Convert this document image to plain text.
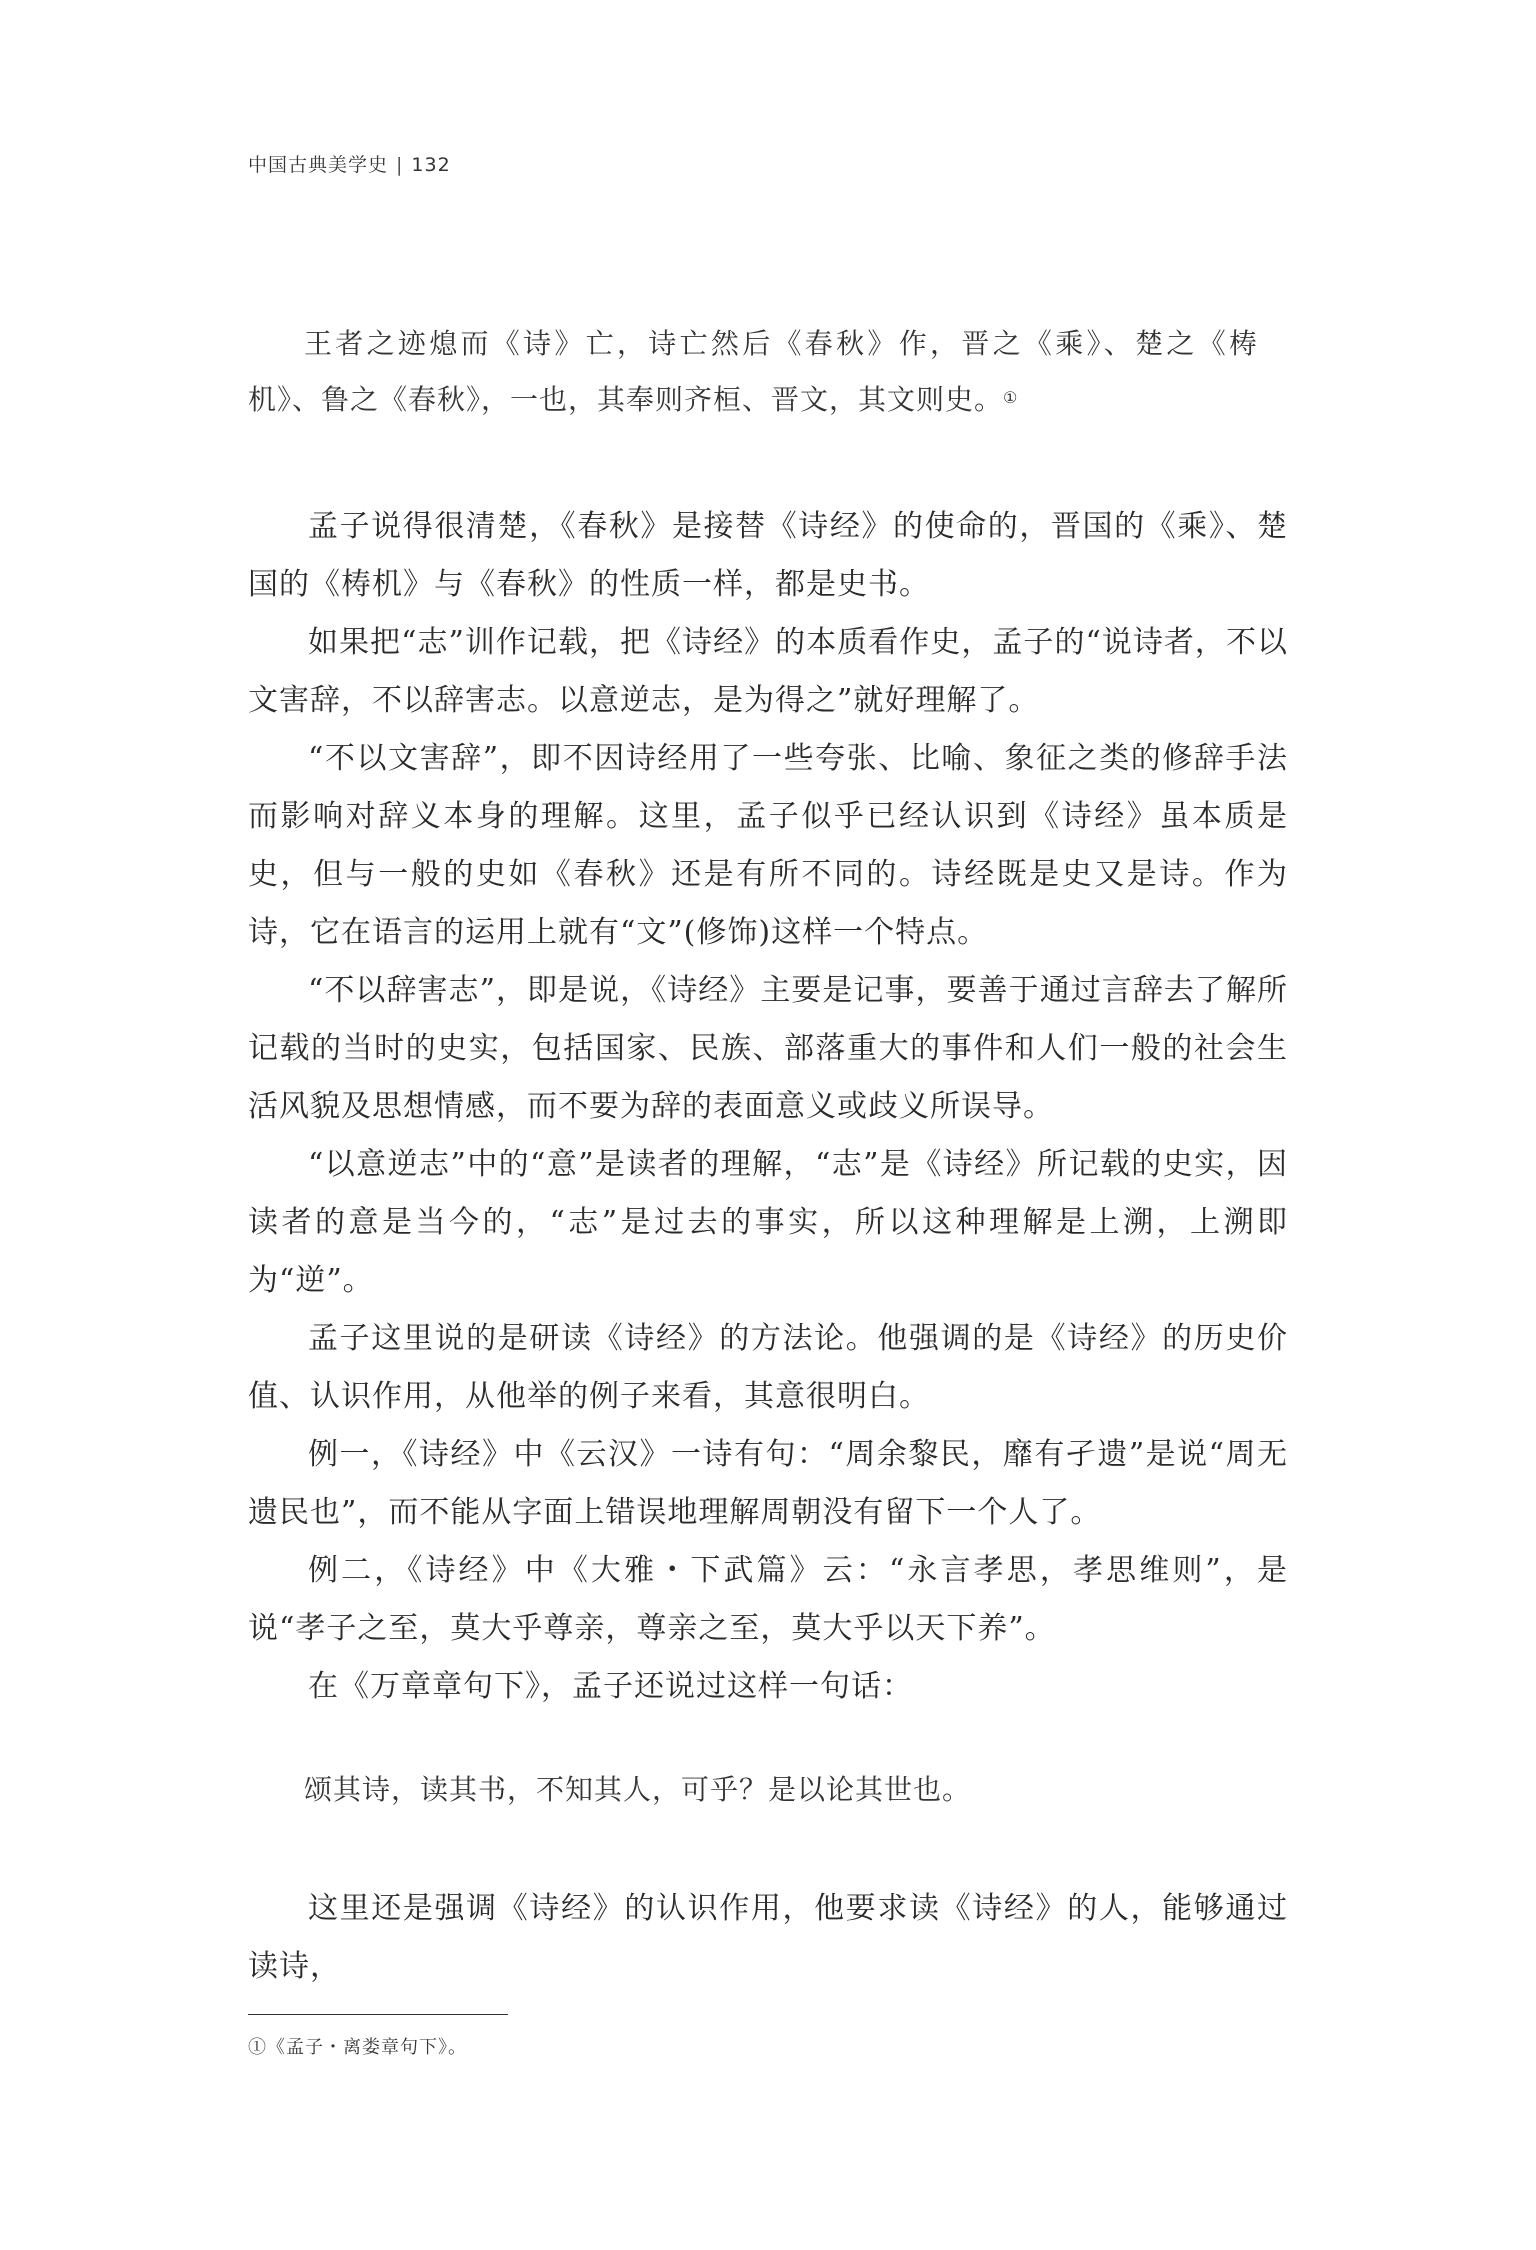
中国古典美学史 | 132

王者之迹熄而《诗》亡，诗亡然后《春秋》作，晋之《乘》、楚之《梼机》、鲁之《春秋》，一也，其奉则齐桓、晋文，其文则史。①

孟子说得很清楚，《春秋》是接替《诗经》的使命的，晋国的《乘》、楚国的《梼机》与《春秋》的性质一样，都是史书。

如果把“志”训作记载，把《诗经》的本质看作史，孟子的“说诗者，不以文害辞，不以辞害志。以意逆志，是为得之”就好理解了。

“不以文害辞”，即不因诗经用了一些夸张、比喻、象征之类的修辞手法而影响对辞义本身的理解。这里，孟子似乎已经认识到《诗经》虽本质是史，但与一般的史如《春秋》还是有所不同的。诗经既是史又是诗。作为诗，它在语言的运用上就有“文”(修饰)这样一个特点。

“不以辞害志”，即是说，《诗经》主要是记事，要善于通过言辞去了解所记载的当时的史实，包括国家、民族、部落重大的事件和人们一般的社会生活风貌及思想情感，而不要为辞的表面意义或歧义所误导。

“以意逆志”中的“意”是读者的理解，“志”是《诗经》所记载的史实，因读者的意是当今的，“志”是过去的事实，所以这种理解是上溯，上溯即为“逆”。

孟子这里说的是研读《诗经》的方法论。他强调的是《诗经》的历史价值、认识作用，从他举的例子来看，其意很明白。

例一，《诗经》中《云汉》一诗有句：“周余黎民，靡有孑遗”是说“周无遗民也”，而不能从字面上错误地理解周朝没有留下一个人了。

例二，《诗经》中《大雅・下武篇》云：“永言孝思，孝思维则”，是说“孝子之至，莫大乎尊亲，尊亲之至，莫大乎以天下养”。

在《万章章句下》，孟子还说过这样一句话：

颂其诗，读其书，不知其人，可乎？是以论其世也。

这里还是强调《诗经》的认识作用，他要求读《诗经》的人，能够通过读诗，

①《孟子・离娄章句下》。
